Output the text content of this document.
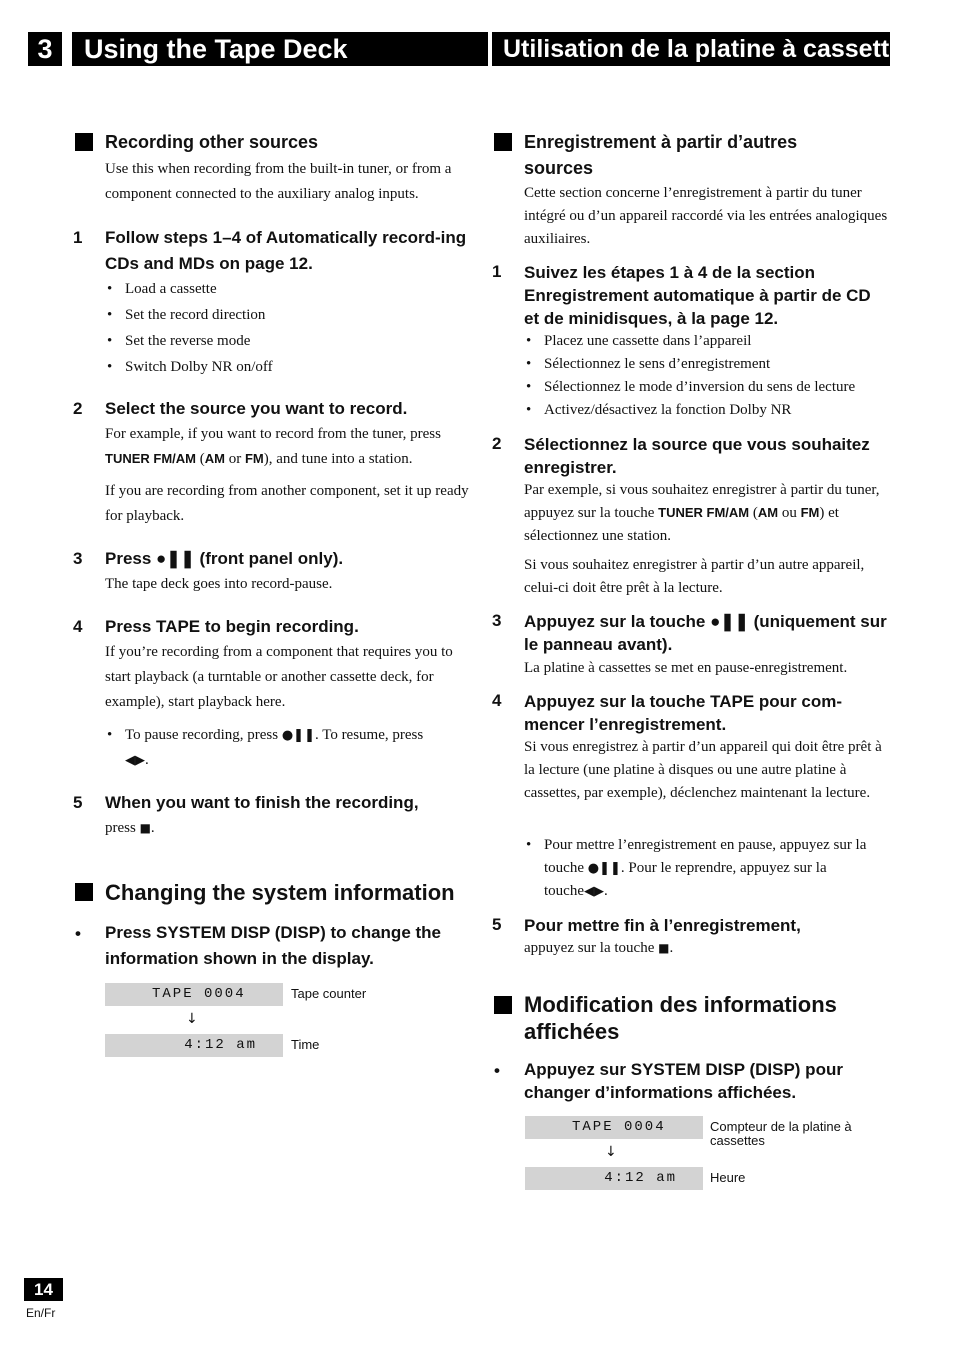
3	Using the Tape Deck	Utilisation de la platine à cassettes
Recording other sources
Use this when recording from the built-in tuner, or from a component connected to the auxiliary analog inputs.
1 Follow steps 1–4 of Automatically record-ing CDs and MDs on page 12.
• Load a cassette
• Set the record direction
• Set the reverse mode
• Switch Dolby NR on/off
2 Select the source you want to record.
For example, if you want to record from the tuner, press TUNER FM/AM (AM or FM), and tune into a station.
If you are recording from another component, set it up ready for playback.
3 Press ●❚❚ (front panel only).
The tape deck goes into record-pause.
4 Press TAPE to begin recording.
If you’re recording from a component that requires you to start playback (a turntable or another cassette deck, for example), start playback here.
• To pause recording, press ●❚❚. To resume, press
◀▶.
5 When you want to finish the recording,
press ■.
Changing the system information
• Press SYSTEM DISP (DISP) to change the information shown in the display.
TAPE 0004	Tape counter
↓
4:12 am	Time
Enregistrement à partir d’autres sources
Cette section concerne l’enregistrement à partir du tuner intégré ou d’un appareil raccordé via les entrées analogiques auxiliaires.
1 Suivez les étapes 1 à 4 de la section Enregistrement automatique à partir de CD et de minidisques, à la page 12.
• Placez une cassette dans l’appareil
• Sélectionnez le sens d’enregistrement
• Sélectionnez le mode d’inversion du sens de lecture
• Activez/désactivez la fonction Dolby NR
2 Sélectionnez la source que vous souhaitez enregistrer.
Par exemple, si vous souhaitez enregistrer à partir du tuner, appuyez sur la touche TUNER FM/AM (AM ou FM) et sélectionnez une station.
Si vous souhaitez enregistrer à partir d’un autre appareil, celui-ci doit être prêt à la lecture.
3 Appuyez sur la touche ●❚❚ (uniquement sur le panneau avant).
La platine à cassettes se met en pause-enregistrement.
4 Appuyez sur la touche TAPE pour com-mencer l’enregistrement.
Si vous enregistrez à partir d’un appareil qui doit être prêt à la lecture (une platine à disques ou une autre platine à cassettes, par exemple), déclenchez maintenant la lecture.
• Pour mettre l’enregistrement en pause, appuyez sur la touche ●❚❚. Pour le reprendre, appuyez sur la touche◀▶.
5 Pour mettre fin à l’enregistrement,
appuyez sur la touche ■.
Modification des informations affichées
• Appuyez sur SYSTEM DISP (DISP) pour changer d’informations affichées.
TAPE 0004	Compteur de la platine à cassettes
↓
4:12 am	Heure
14
En/Fr
